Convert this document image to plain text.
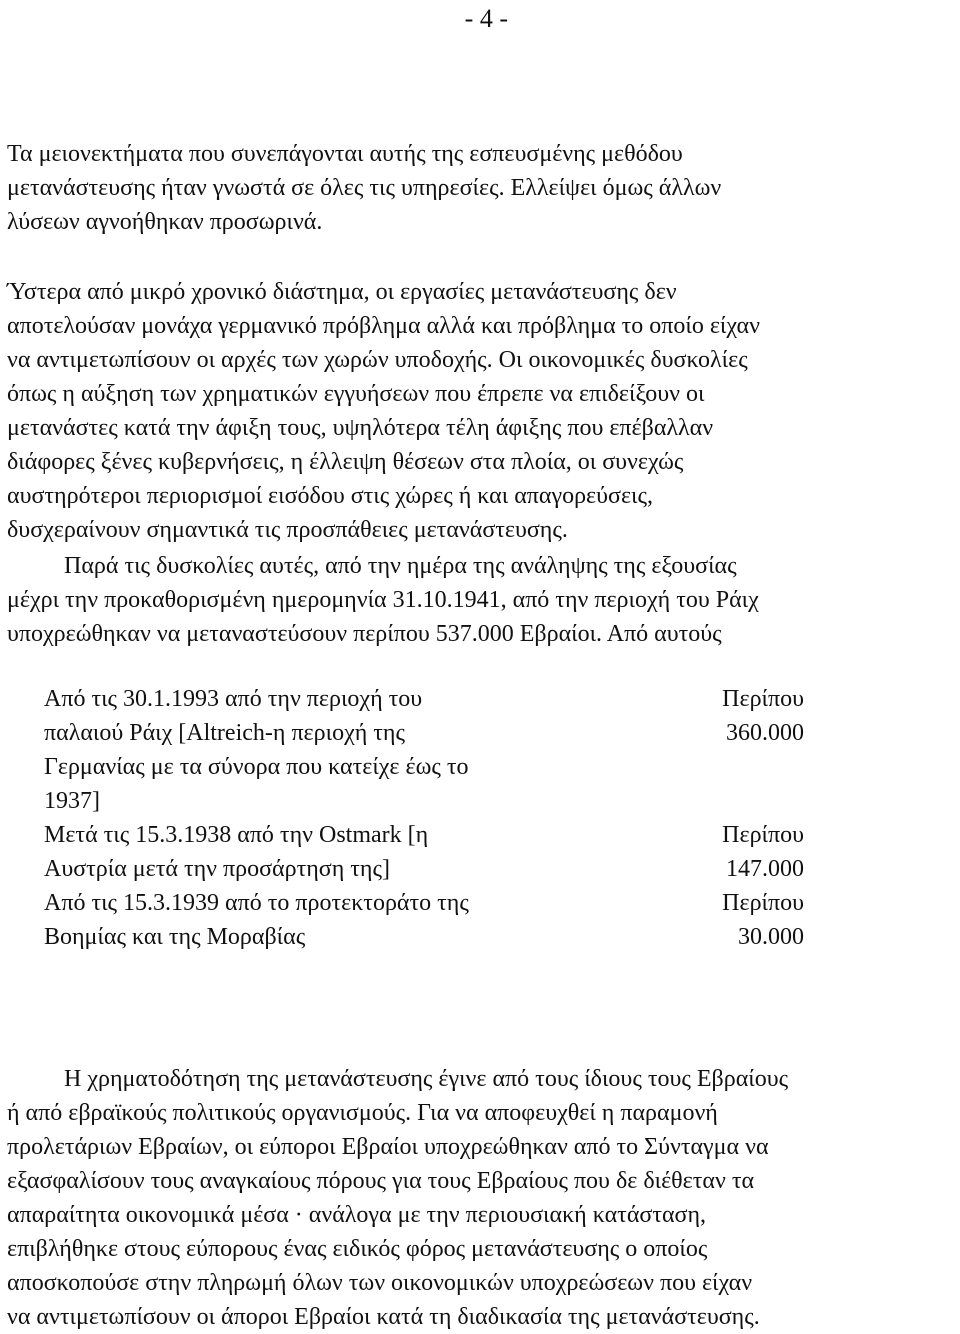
- 4 -
Τα μειονεκτήματα που συνεπάγονται αυτής της εσπευσμένης μεθόδου
μετανάστευσης ήταν γνωστά σε όλες τις υπηρεσίες. Ελλείψει όμως άλλων
λύσεων αγνοήθηκαν προσωρινά.
Ύστερα από μικρό χρονικό διάστημα, οι εργασίες μετανάστευσης δεν
αποτελούσαν μονάχα γερμανικό πρόβλημα αλλά και πρόβλημα το οποίο είχαν
να αντιμετωπίσουν οι αρχές των χωρών υποδοχής. Οι οικονομικές δυσκολίες
όπως η αύξηση των χρηματικών εγγυήσεων που έπρεπε να επιδείξουν οι
μετανάστες κατά την άφιξη τους, υψηλότερα τέλη άφιξης που επέβαλλαν
διάφορες ξένες κυβερνήσεις, η έλλειψη θέσεων στα πλοία, οι συνεχώς
αυστηρότεροι περιορισμοί εισόδου στις χώρες ή και απαγορεύσεις,
δυσχεραίνουν σημαντικά τις προσπάθειες μετανάστευσης.
Παρά τις δυσκολίες αυτές, από την ημέρα της ανάληψης της εξουσίας
μέχρι την προκαθορισμένη ημερομηνία 31.10.1941, από την περιοχή του Ράιχ
υποχρεώθηκαν να μεταναστεύσουν περίπου 537.000 Εβραίοι. Από αυτούς
Από τις 30.1.1993 από την περιοχή του
παλαιού Ράιχ [Altreich-η περιοχή της
Γερμανίας με τα σύνορα που κατείχε έως το
1937]
Περίπου
360.000
Μετά τις 15.3.1938 από την Ostmark [η
Αυστρία μετά την προσάρτηση της]
Περίπου
147.000
Από τις 15.3.1939 από το προτεκτοράτο της
Βοημίας και της Μοραβίας
Περίπου
30.000
Η χρηματοδότηση της μετανάστευσης έγινε από τους ίδιους τους Εβραίους
ή από εβραϊκούς πολιτικούς οργανισμούς. Για να αποφευχθεί η παραμονή
προλετάριων Εβραίων, οι εύποροι Εβραίοι υποχρεώθηκαν από το Σύνταγμα να
εξασφαλίσουν τους αναγκαίους πόρους για τους Εβραίους που δε διέθεταν τα
απαραίτητα οικονομικά μέσα · ανάλογα με την περιουσιακή κατάσταση,
επιβλήθηκε στους εύπορους ένας ειδικός φόρος μετανάστευσης ο οποίος
αποσκοπούσε στην πληρωμή όλων των οικονομικών υποχρεώσεων που είχαν
να αντιμετωπίσουν οι άποροι Εβραίοι κατά τη διαδικασία της μετανάστευσης.
